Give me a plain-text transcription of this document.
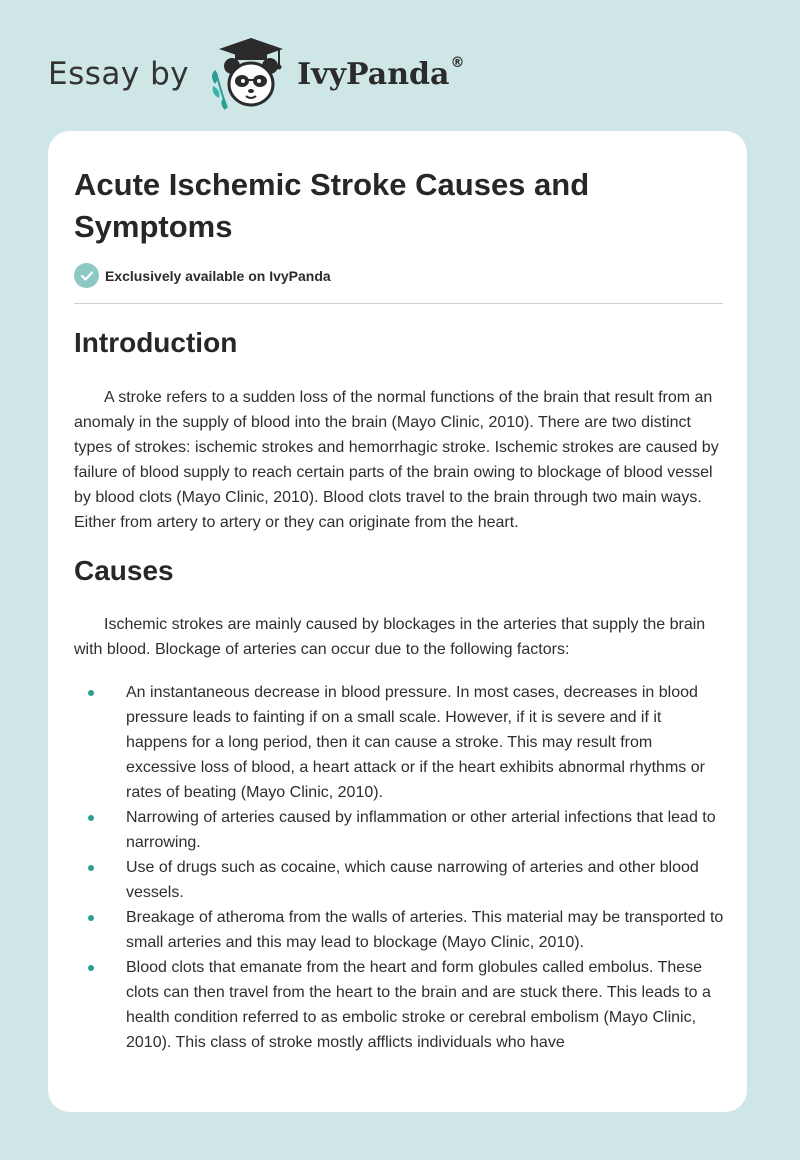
Essay by	IvyPanda®
Acute Ischemic Stroke Causes and Symptoms
Exclusively available on IvyPanda
Introduction

A stroke refers to a sudden loss of the normal functions of the brain that result from an anomaly in the supply of blood into the brain (Mayo Clinic, 2010). There are two distinct types of strokes: ischemic strokes and hemorrhagic stroke. Ischemic strokes are caused by failure of blood supply to reach certain parts of the brain owing to blockage of blood vessel by blood clots (Mayo Clinic, 2010). Blood clots travel to the brain through two main ways. Either from artery to artery or they can originate from the heart.

Causes

Ischemic strokes are mainly caused by blockages in the arteries that supply the brain with blood. Blockage of arteries can occur due to the following factors:

An instantaneous decrease in blood pressure. In most cases, decreases in blood pressure leads to fainting if on a small scale. However, if it is severe and if it happens for a long period, then it can cause a stroke. This may result from excessive loss of blood, a heart attack or if the heart exhibits abnormal rhythms or rates of beating (Mayo Clinic, 2010).
Narrowing of arteries caused by inflammation or other arterial infections that lead to narrowing.
Use of drugs such as cocaine, which cause narrowing of arteries and other blood vessels.
Breakage of atheroma from the walls of arteries. This material may be transported to small arteries and this may lead to blockage (Mayo Clinic, 2010).
Blood clots that emanate from the heart and form globules called embolus. These clots can then travel from the heart to the brain and are stuck there. This leads to a health condition referred to as embolic stroke or cerebral embolism (Mayo Clinic, 2010). This class of stroke mostly afflicts individuals who have
